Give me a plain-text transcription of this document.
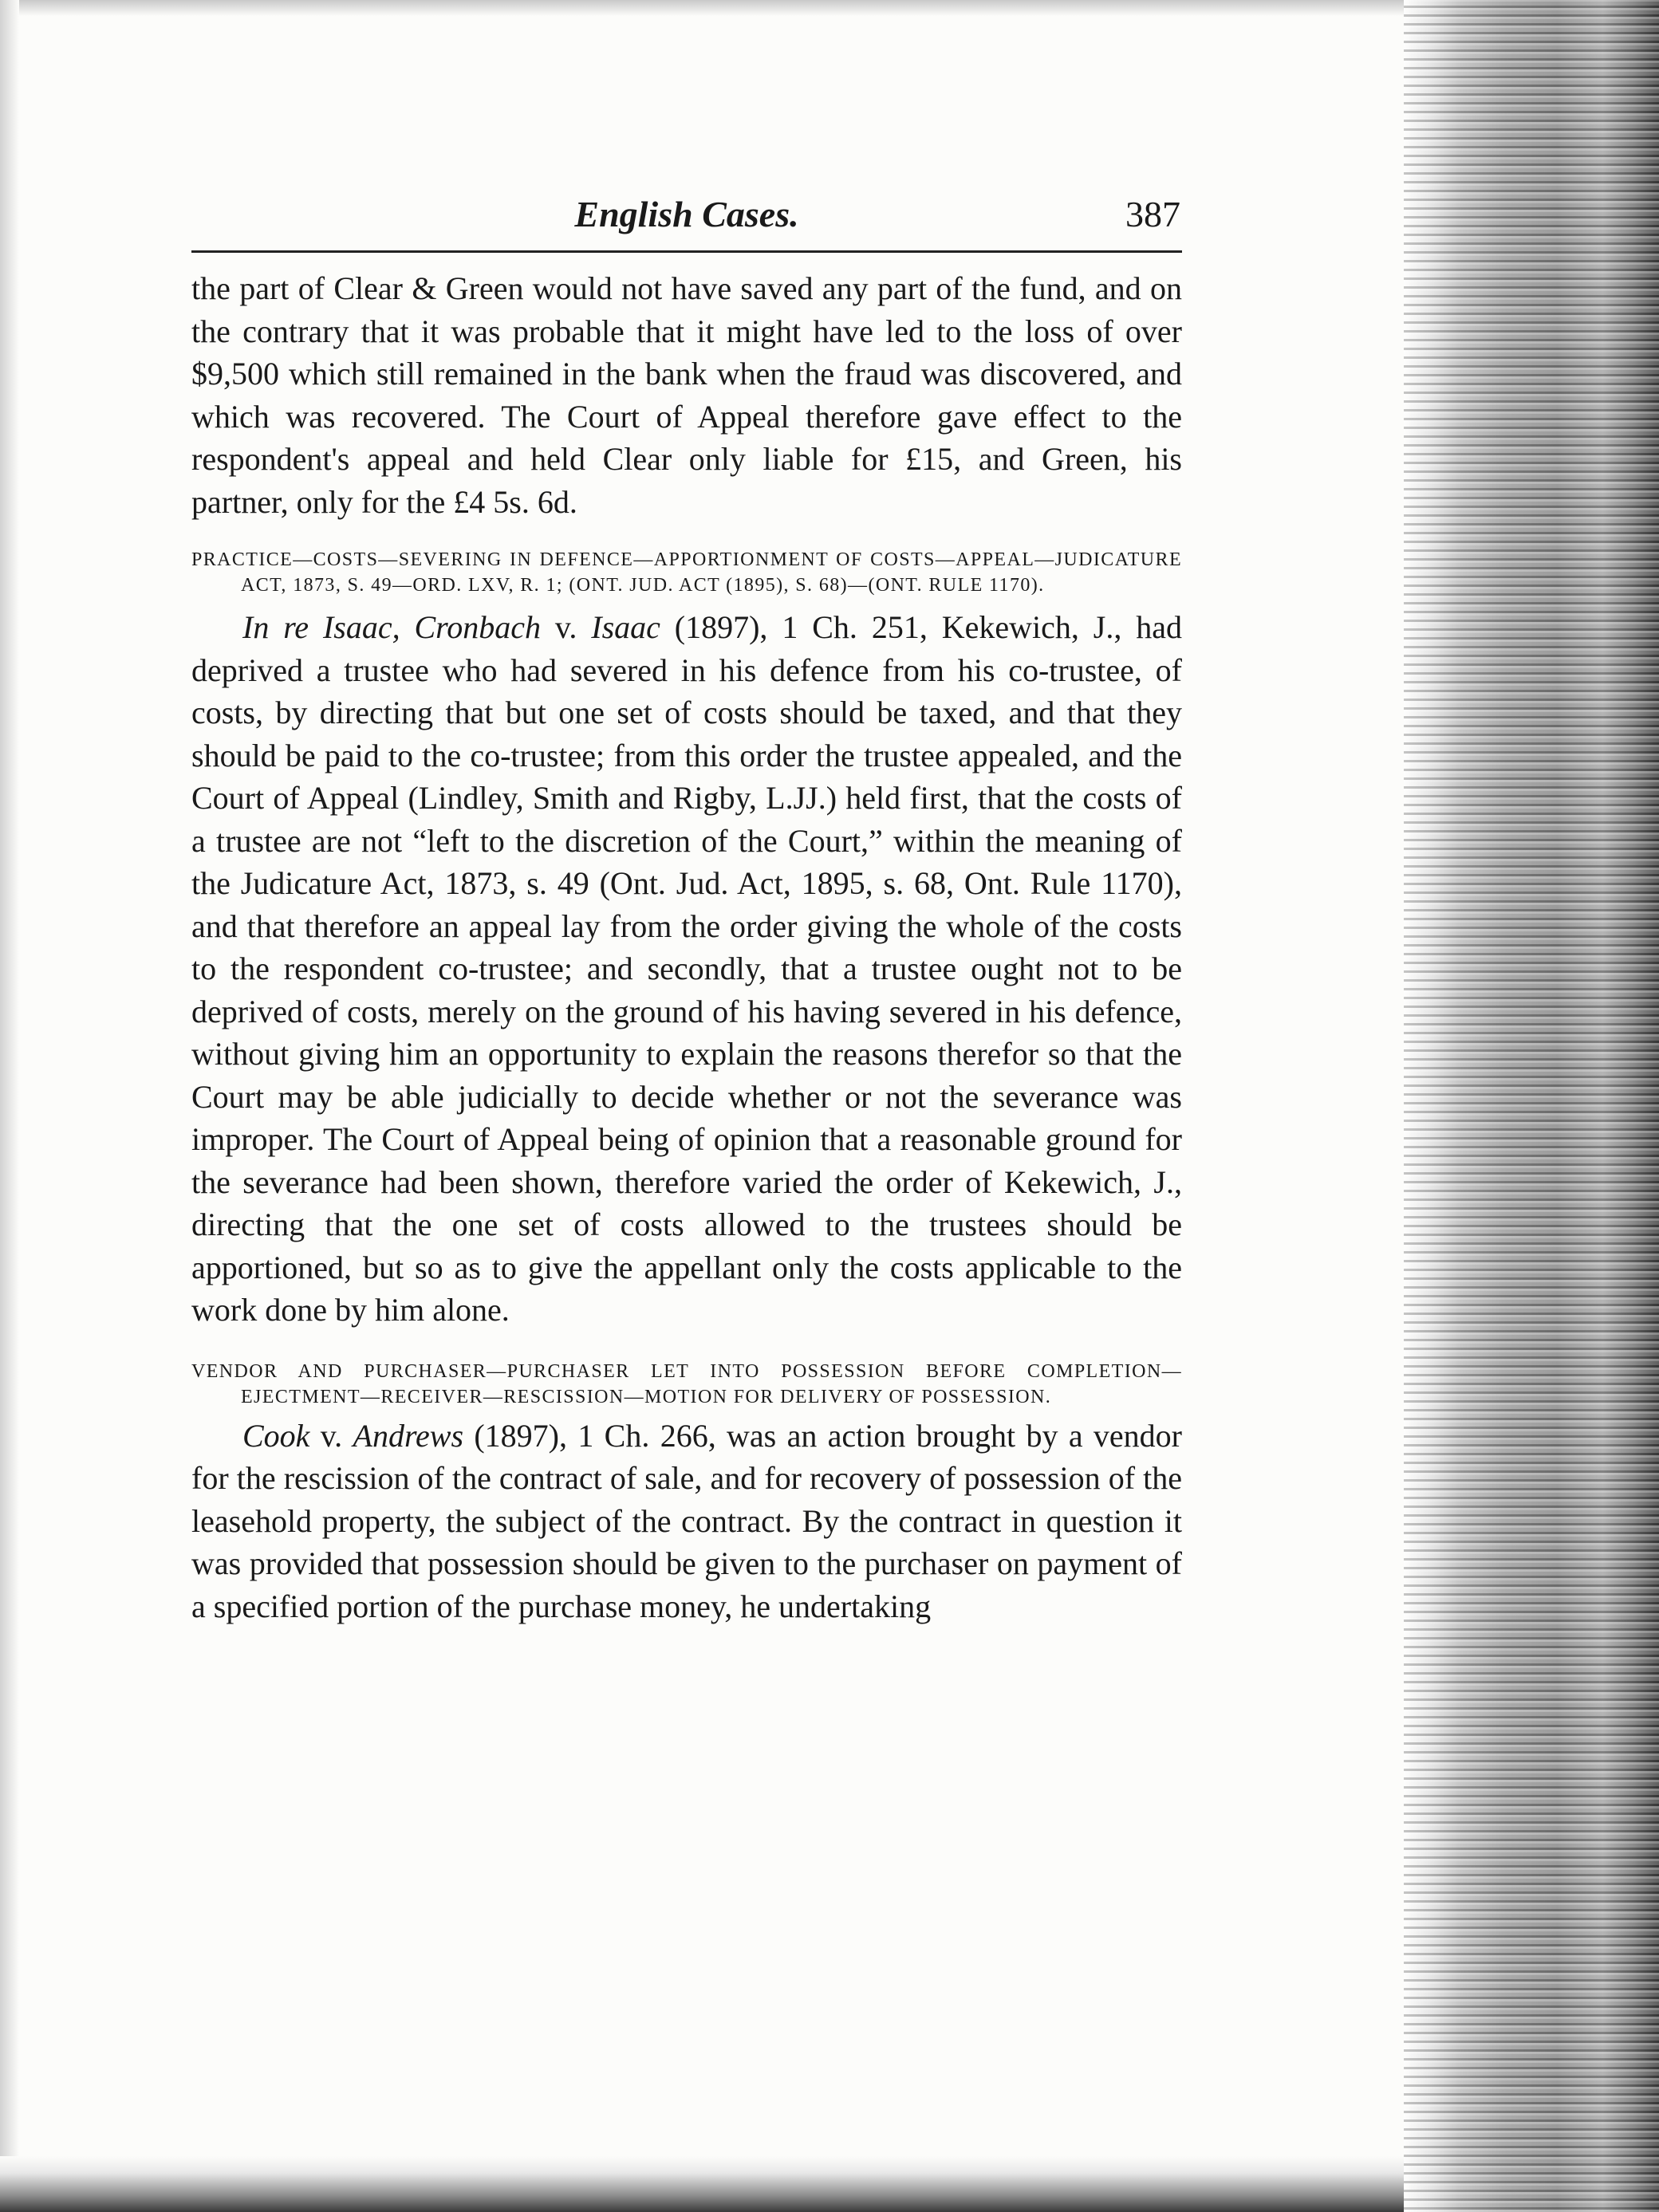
English Cases.	387

the part of Clear & Green would not have saved any part of the fund, and on the contrary that it was probable that it might have led to the loss of over $9,500 which still remained in the bank when the fraud was discovered, and which was recovered. The Court of Appeal therefore gave effect to the respondent's appeal and held Clear only liable for £15, and Green, his partner, only for the £4 5s. 6d.

PRACTICE—COSTS—SEVERING IN DEFENCE—APPORTIONMENT OF COSTS—APPEAL—JUDICATURE ACT, 1873, S. 49—ORD. LXV, R. 1; (ONT. JUD. ACT (1895), S. 68)—(ONT. RULE 1170).

In re Isaac, Cronbach v. Isaac (1897), 1 Ch. 251, Kekewich, J., had deprived a trustee who had severed in his defence from his co-trustee, of costs, by directing that but one set of costs should be taxed, and that they should be paid to the co-trustee; from this order the trustee appealed, and the Court of Appeal (Lindley, Smith and Rigby, L.JJ.) held first, that the costs of a trustee are not “left to the discretion of the Court,” within the meaning of the Judicature Act, 1873, s. 49 (Ont. Jud. Act, 1895, s. 68, Ont. Rule 1170), and that therefore an appeal lay from the order giving the whole of the costs to the respondent co-trustee; and secondly, that a trustee ought not to be deprived of costs, merely on the ground of his having severed in his defence, without giving him an opportunity to explain the reasons therefor so that the Court may be able judicially to decide whether or not the severance was improper. The Court of Appeal being of opinion that a reasonable ground for the severance had been shown, therefore varied the order of Kekewich, J., directing that the one set of costs allowed to the trustees should be apportioned, but so as to give the appellant only the costs applicable to the work done by him alone.

VENDOR AND PURCHASER—PURCHASER LET INTO POSSESSION BEFORE COMPLETION—EJECTMENT—RECEIVER—RESCISSION—MOTION FOR DELIVERY OF POSSESSION.

Cook v. Andrews (1897), 1 Ch. 266, was an action brought by a vendor for the rescission of the contract of sale, and for recovery of possession of the leasehold property, the subject of the contract. By the contract in question it was provided that possession should be given to the purchaser on payment of a specified portion of the purchase money, he undertaking
